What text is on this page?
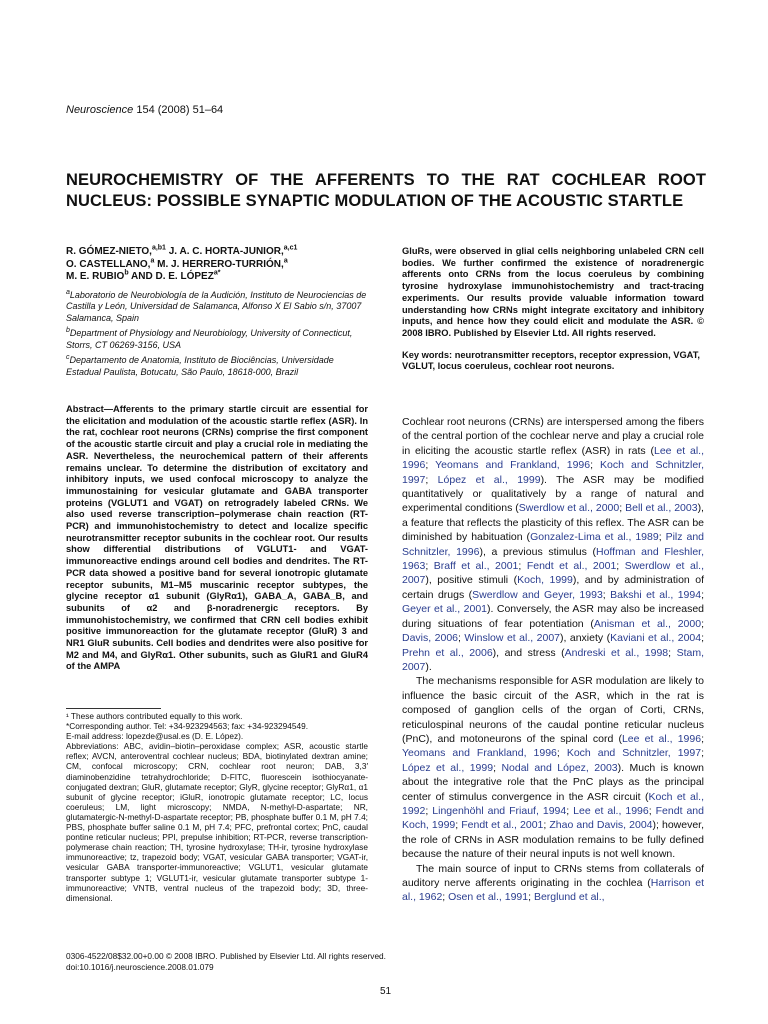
Neuroscience 154 (2008) 51–64
NEUROCHEMISTRY OF THE AFFERENTS TO THE RAT COCHLEAR ROOT NUCLEUS: POSSIBLE SYNAPTIC MODULATION OF THE ACOUSTIC STARTLE
R. GÓMEZ-NIETO,$^{a,b1}$ J. A. C. HORTA-JUNIOR,$^{a,c1}$
O. CASTELLANO,$^a$ M. J. HERRERO-TURRIÓN,$^a$
M. E. RUBIO$^b$ AND D. E. $LÓPEZ^{a*}$

$^a$Laboratorio de Neurobiología de la Audición, Instituto de Neurociencias de Castilla y León, Universidad de Salamanca, Alfonso X El Sabio s/n, 37007 Salamanca, Spain

$^b$Department of Physiology and Neurobiology, University of Connecticut, Storrs, CT 06269-3156, USA

$^c$Departamento de Anatomia, Instituto de Biociências, Universidade Estadual Paulista, Botucatu, São Paulo, 18618-000, Brazil

Abstract—Afferents to the primary startle circuit are essential for the elicitation and modulation of the acoustic startle reflex (ASR). In the rat, cochlear root neurons (CRNs) comprise the first component of the acoustic startle circuit and play a crucial role in mediating the ASR. Nevertheless, the neurochemical pattern of their afferents remains unclear. To determine the distribution of excitatory and inhibitory inputs, we used confocal microscopy to analyze the immunostaining for vesicular glutamate and GABA transporter proteins (VGLUT1 and VGAT) on retrogradely labeled CRNs. We also used reverse transcription–polymerase chain reaction (RT-PCR) and immunohistochemistry to detect and localize specific neurotransmitter receptor subunits in the cochlear root. Our results show differential distributions of VGLUT1- and VGAT-immunoreactive endings around cell bodies and dendrites. The RT-PCR data showed a positive band for several ionotropic glutamate receptor subunits, M1–M5 muscarinic receptor subtypes, the glycine receptor α1 subunit (GlyRα1), GABA_A, GABA_B, and subunits of α2 and β-noradrenergic receptors. By immunohistochemistry, we confirmed that CRN cell bodies exhibit positive immunoreaction for the glutamate receptor (GluR) 3 and NR1 GluR subunits. Cell bodies and dendrites were also positive for M2 and M4, and GlyRα1. Other subunits, such as GluR1 and GluR4 of the AMPA

¹ These authors contributed equally to this work.

*Corresponding author. Tel: +34-923294563; fax: +34-923294549.

E-mail address: lopezde@usal.es (D. E. López).

Abbreviations: ABC, avidin–biotin–peroxidase complex; ASR, acoustic startle reflex; AVCN, anteroventral cochlear nucleus; BDA, biotinylated dextran amine; CM, confocal microscopy; CRN, cochlear root neuron; DAB, 3,3′ diaminobenzidine tetrahydrochloride; D-FITC, fluorescein isothiocyanate-conjugated dextran; GluR, glutamate receptor; GlyR, glycine receptor; GlyRα1, α1 subunit of glycine receptor; iGluR, ionotropic glutamate receptor; LC, locus coeruleus; LM, light microscopy; NMDA, N-methyl-D-aspartate; NR, glutamatergic-N-methyl-D-aspartate receptor; PB, phosphate buffer 0.1 M, pH 7.4; PBS, phosphate buffer saline 0.1 M, pH 7.4; PFC, prefrontal cortex; PnC, caudal pontine reticular nucleus; PPI, prepulse inhibition; RT-PCR, reverse transcription-polymerase chain reaction; TH, tyrosine hydroxylase; TH-ir, tyrosine hydroxylase immunoreactive; tz, trapezoid body; VGAT, vesicular GABA transporter; VGAT-ir, vesicular GABA transporter-immunoreactive; VGLUT1, vesicular glutamate transporter subtype 1; VGLUT1-ir, vesicular glutamate transporter subtype 1-immunoreactive; VNTB, ventral nucleus of the trapezoid body; 3D, three-dimensional.

GluRs, were observed in glial cells neighboring unlabeled CRN cell bodies. We further confirmed the existence of noradrenergic afferents onto CRNs from the locus coeruleus by combining tyrosine hydroxylase immunohistochemistry and tract-tracing experiments. Our results provide valuable information toward understanding how CRNs might integrate excitatory and inhibitory inputs, and hence how they could elicit and modulate the ASR. © 2008 IBRO. Published by Elsevier Ltd. All rights reserved.

Key words: neurotransmitter receptors, receptor expression, VGAT, VGLUT, locus coeruleus, cochlear root neurons.

Cochlear root neurons (CRNs) are interspersed among the fibers of the central portion of the cochlear nerve and play a crucial role in eliciting the acoustic startle reflex (ASR) in rats (Lee et al., 1996; Yeomans and Frankland, 1996; Koch and Schnitzler, 1997; López et al., 1999). The ASR may be modified quantitatively or qualitatively by a range of natural and experimental conditions (Swerdlow et al., 2000; Bell et al., 2003), a feature that reflects the plasticity of this reflex. The ASR can be diminished by habituation (Gonzalez-Lima et al., 1989; Pilz and Schnitzler, 1996), a previous stimulus (Hoffman and Fleshler, 1963; Braff et al., 2001; Fendt et al., 2001; Swerdlow et al., 2007), positive stimuli (Koch, 1999), and by administration of certain drugs (Swerdlow and Geyer, 1993; Bakshi et al., 1994; Geyer et al., 2001). Conversely, the ASR may also be increased during situations of fear potentiation (Anisman et al., 2000; Davis, 2006; Winslow et al., 2007), anxiety (Kaviani et al., 2004; Prehn et al., 2006), and stress (Andreski et al., 1998; Stam, 2007).

The mechanisms responsible for ASR modulation are likely to influence the basic circuit of the ASR, which in the rat is composed of ganglion cells of the organ of Corti, CRNs, reticulospinal neurons of the caudal pontine reticular nucleus (PnC), and motoneurons of the spinal cord (Lee et al., 1996; Yeomans and Frankland, 1996; Koch and Schnitzler, 1997; López et al., 1999; Nodal and López, 2003). Much is known about the integrative role that the PnC plays as the principal center of stimulus convergence in the ASR circuit (Koch et al., 1992; Lingenhöhl and Friauf, 1994; Lee et al., 1996; Fendt and Koch, 1999; Fendt et al., 2001; Zhao and Davis, 2004); however, the role of CRNs in ASR modulation remains to be fully defined because the nature of their neural inputs is not well known.

The main source of input to CRNs stems from collaterals of auditory nerve afferents originating in the cochlea (Harrison et al., 1962; Osen et al., 1991; Berglund et al.,

0306-4522/08$32.00+0.00 © 2008 IBRO. Published by Elsevier Ltd. All rights reserved.
doi:10.1016/j.neuroscience.2008.01.079
51
